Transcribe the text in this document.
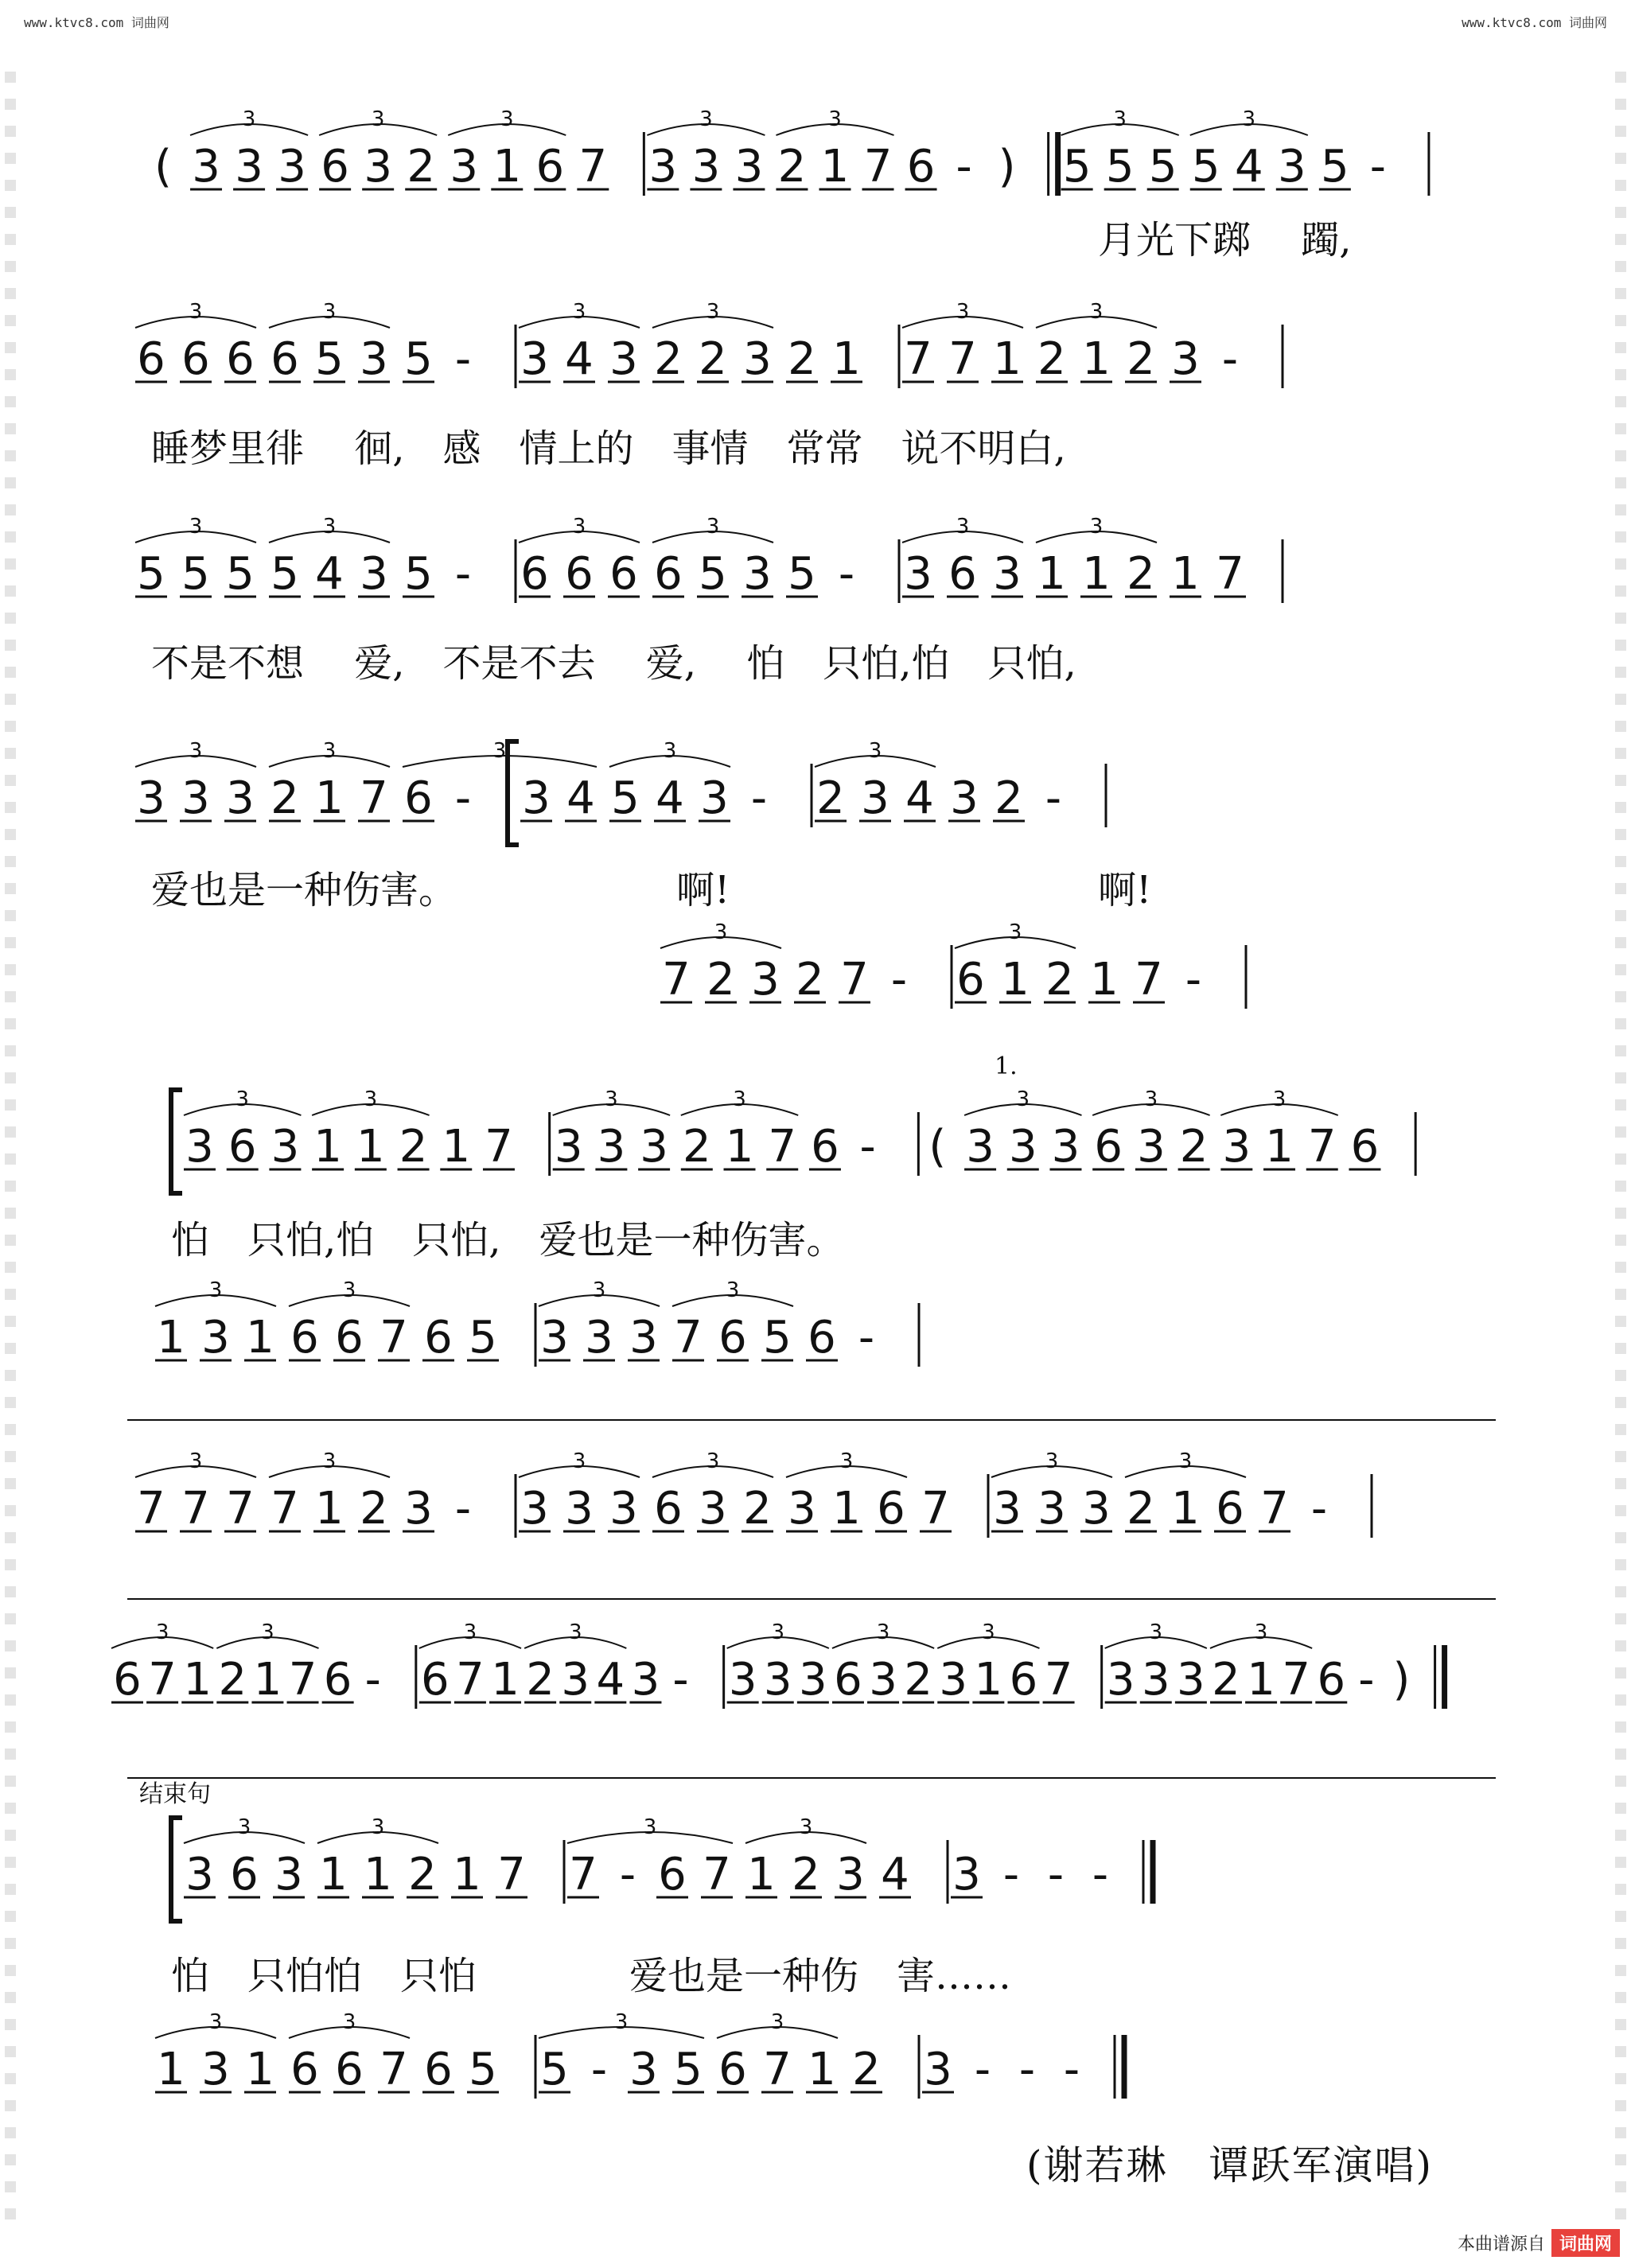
www.ktvc8.com 词曲网	www.ktvc8.com 词曲网
( 3 3 3
3
6 3 2
3
3 1 6
3
7 3 3 3
3
2 1 7
3
6 - ) 5 5 5
3
5 4 3
3
5 -
月光下踯　 躅,
6 6 6
3
6 5 3
3
5 - 3 4 3
3
2 2 3
3
2 1 7 7 1
3
2 1 2
3
3 -
睡梦里徘　 徊,　感　情上的　事情　常常　说不明白,
5 5 5
3
5 4 3
3
5 - 6 6 6
3
6 5 3
3
5 - 3 6 3
3
1 1 2
3
1 7
不是不想　 爱,　不是不去　 爱,　 怕　只怕,怕　只怕,
3 3 3
3
2 1 7
3
6 - 3 4
3
5 4 3
3
- 2 3 4
3
3 2 -
7 2 3
3
2 7 - 6 1 2
3
1 7 -
爱也是一种伤害。	啊!	啊!
3 6 3
3
1 1 2
3
1 7 3 3 3
3
2 1 7
3
6 - ( 3 3 3
3
6 3 2
3
3 1 7
3
6
1 3 1
3
6 6 7
3
6 5 3 3 3
3
7 6 5
3
6 -
1.
怕　只怕,怕　只怕,　爱也是一种伤害。
7 7 7
3
7 1 2
3
3 - 3 3 3
3
6 3 2
3
3 1 6
3
7 3 3 3
3
2 1 6
3
7 -
6 7 1
3
2 1 7
3
6 - 6 7 1
3
2 3 4
3
3 - 3 3 3
3
6 3 2
3
3 1 6
3
7 3 3 3
3
2 1 7
3
6 - )
3 6 3
3
1 1 2
3
1 7 7 - 6 7
3
1 2 3
3
4 3 - - -
1 3 1
3
6 6 7
3
6 5 5 - 3 5
3
6 7 1
3
2 3 - - -
结束句
怕　只怕怕　只怕　　　　爱也是一种伤　害……
(谢若琳　谭跃军演唱)
本曲谱源自 词曲网
